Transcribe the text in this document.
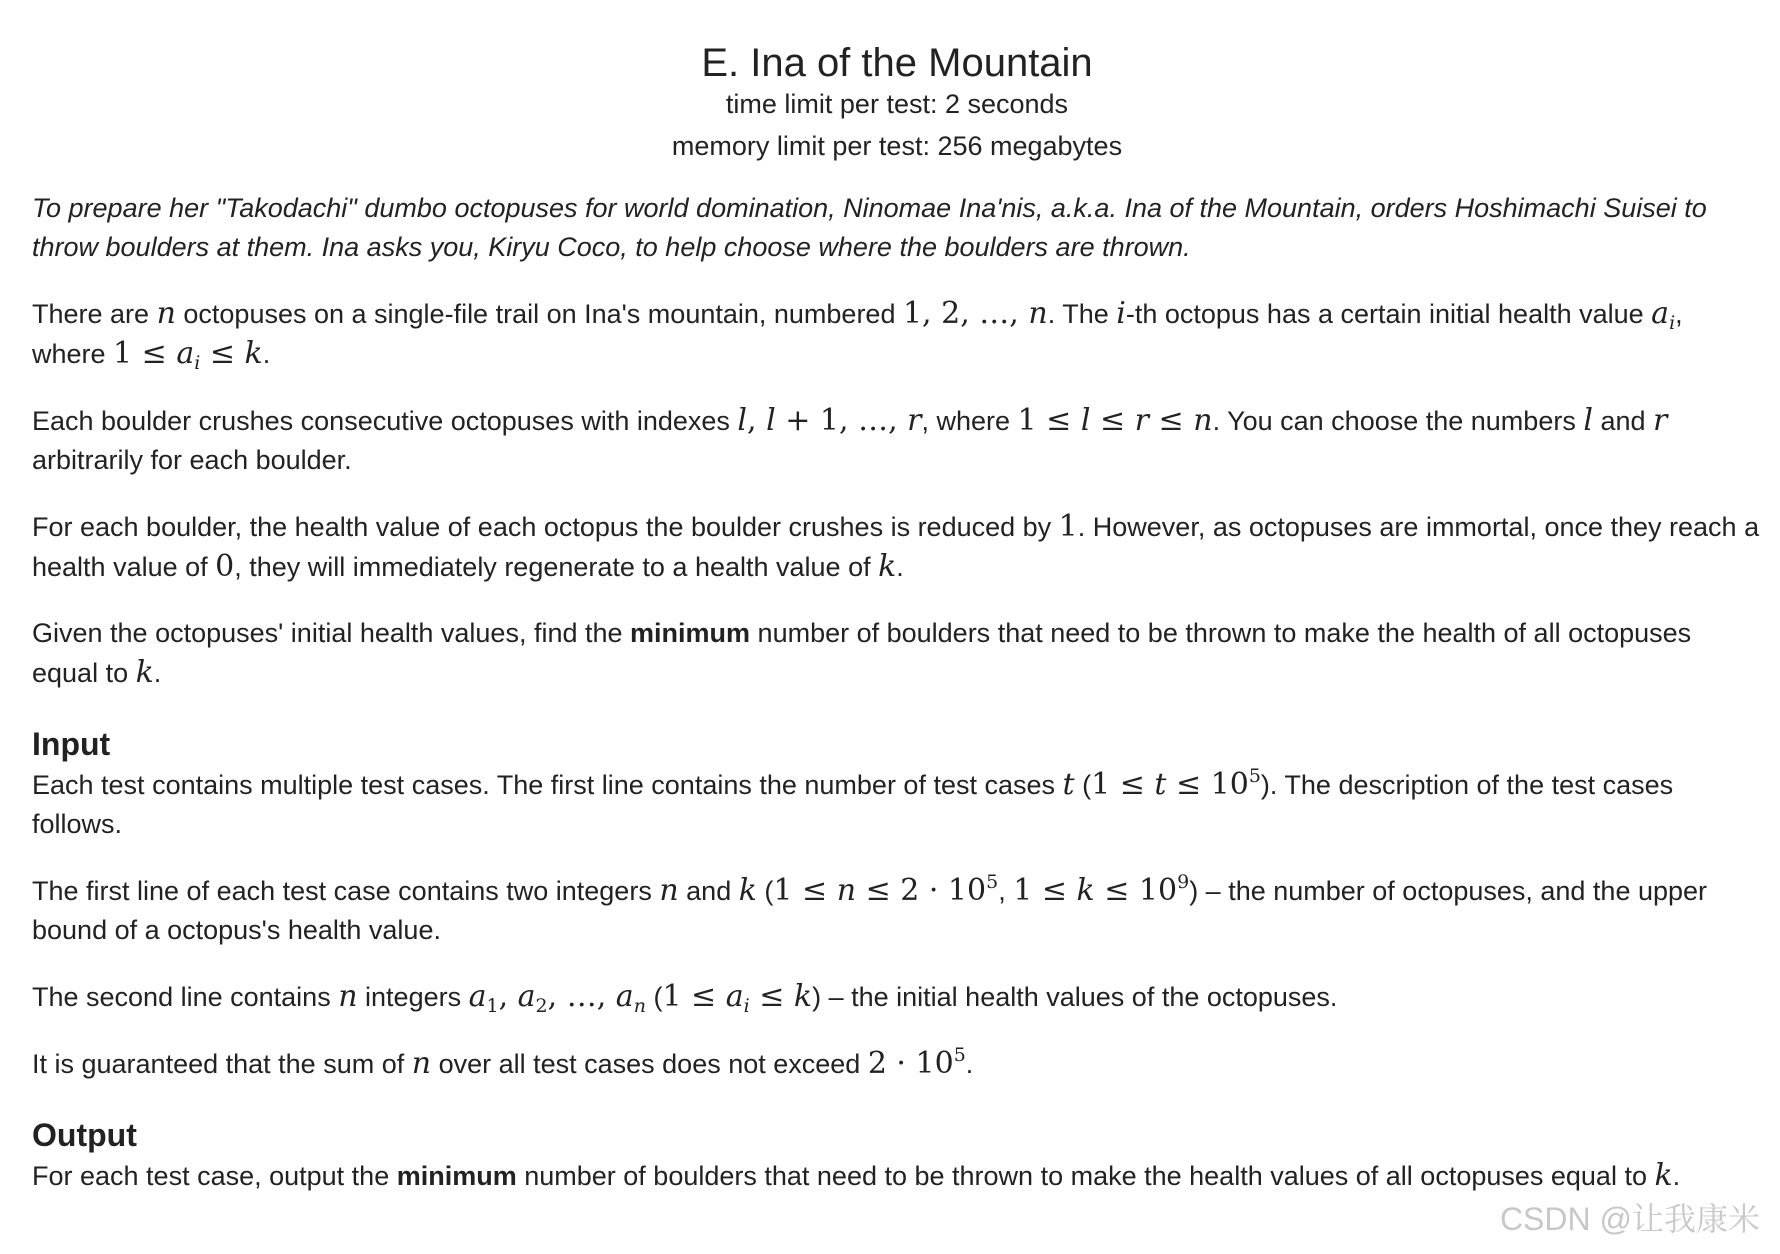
E. Ina of the Mountain
time limit per test: 2 seconds
memory limit per test: 256 megabytes

To prepare her "Takodachi" dumbo octopuses for world domination, Ninomae Ina'nis, a.k.a. Ina of the Mountain, orders Hoshimachi Suisei to throw boulders at them. Ina asks you, Kiryu Coco, to help choose where the boulders are thrown.

There are n octopuses on a single-file trail on Ina's mountain, numbered 1, 2, …, n. The i-th octopus has a certain initial health value $a_i$, where $1 \le a_i \le k$.

Each boulder crushes consecutive octopuses with indexes l, l + 1, …, r, where 1 ≤ l ≤ r ≤ n. You can choose the numbers l and r arbitrarily for each boulder.

For each boulder, the health value of each octopus the boulder crushes is reduced by 1. However, as octopuses are immortal, once they reach a health value of 0, they will immediately regenerate to a health value of k.

Given the octopuses' initial health values, find the minimum number of boulders that need to be thrown to make the health of all octopuses equal to k.

Input

Each test contains multiple test cases. The first line contains the number of test cases t $(1 \le t \le 10^5)$. The description of the test cases follows.

The first line of each test case contains two integers n and k ($1 \le n \le 2 \cdot 10^5$, $1 \le k \le 10^9$) – the number of octopuses, and the upper bound of a octopus's health value.

The second line contains n integers $a_1$, $a_2$, …, $a_n$ $(1 \le a_i \le k)$ – the initial health values of the octopuses.

It is guaranteed that the sum of n over all test cases does not exceed $2 \cdot 10^5$.

Output

For each test case, output the minimum number of boulders that need to be thrown to make the health values of all octopuses equal to k.

CSDN @让我康米
